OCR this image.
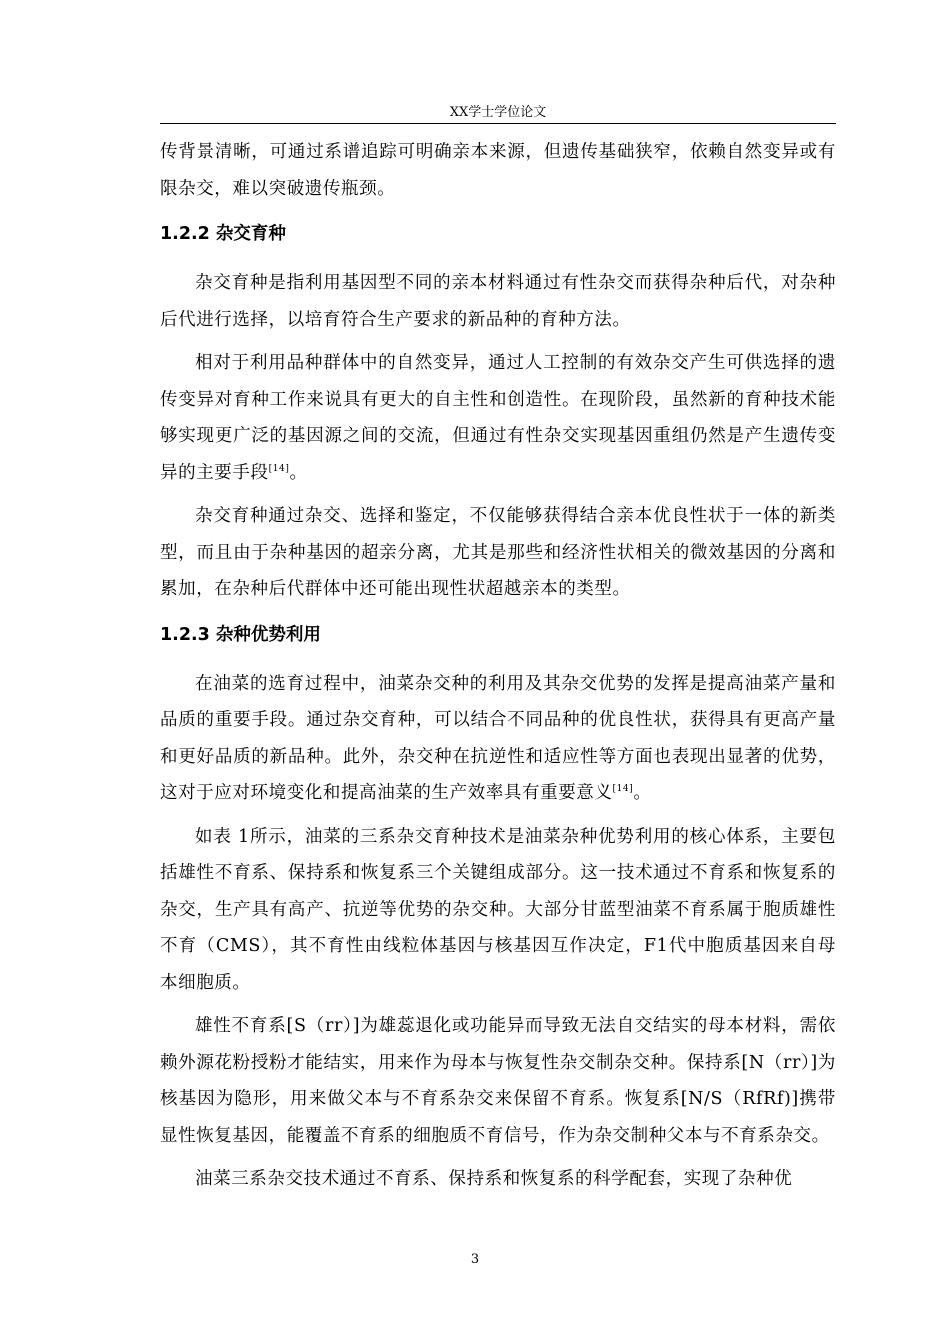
XX学士学位论文

传背景清晰，可通过系谱追踪可明确亲本来源，但遗传基础狭窄，依赖自然变异或有限杂交，难以突破遗传瓶颈。

1.2.2 杂交育种

杂交育种是指利用基因型不同的亲本材料通过有性杂交而获得杂种后代，对杂种后代进行选择，以培育符合生产要求的新品种的育种方法。

相对于利用品种群体中的自然变异，通过人工控制的有效杂交产生可供选择的遗传变异对育种工作来说具有更大的自主性和创造性。在现阶段，虽然新的育种技术能够实现更广泛的基因源之间的交流，但通过有性杂交实现基因重组仍然是产生遗传变异的主要手段[14]。

杂交育种通过杂交、选择和鉴定，不仅能够获得结合亲本优良性状于一体的新类型，而且由于杂种基因的超亲分离，尤其是那些和经济性状相关的微效基因的分离和累加，在杂种后代群体中还可能出现性状超越亲本的类型。

1.2.3 杂种优势利用

在油菜的选育过程中，油菜杂交种的利用及其杂交优势的发挥是提高油菜产量和品质的重要手段。通过杂交育种，可以结合不同品种的优良性状，获得具有更高产量和更好品质的新品种。此外，杂交种在抗逆性和适应性等方面也表现出显著的优势，这对于应对环境变化和提高油菜的生产效率具有重要意义[14]。

如表 1所示，油菜的三系杂交育种技术是油菜杂种优势利用的核心体系，主要包括雄性不育系、保持系和恢复系三个关键组成部分。这一技术通过不育系和恢复系的杂交，生产具有高产、抗逆等优势的杂交种。大部分甘蓝型油菜不育系属于胞质雄性不育（CMS），其不育性由线粒体基因与核基因互作决定，F1代中胞质基因来自母本细胞质。

雄性不育系[S（rr）]为雄蕊退化或功能异而导致无法自交结实的母本材料，需依赖外源花粉授粉才能结实，用来作为母本与恢复性杂交制杂交种。保持系[N（rr）]为核基因为隐形，用来做父本与不育系杂交来保留不育系。恢复系[N/S（RfRf)]携带显性恢复基因，能覆盖不育系的细胞质不育信号，作为杂交制种父本与不育系杂交。

油菜三系杂交技术通过不育系、保持系和恢复系的科学配套，实现了杂种优

3
